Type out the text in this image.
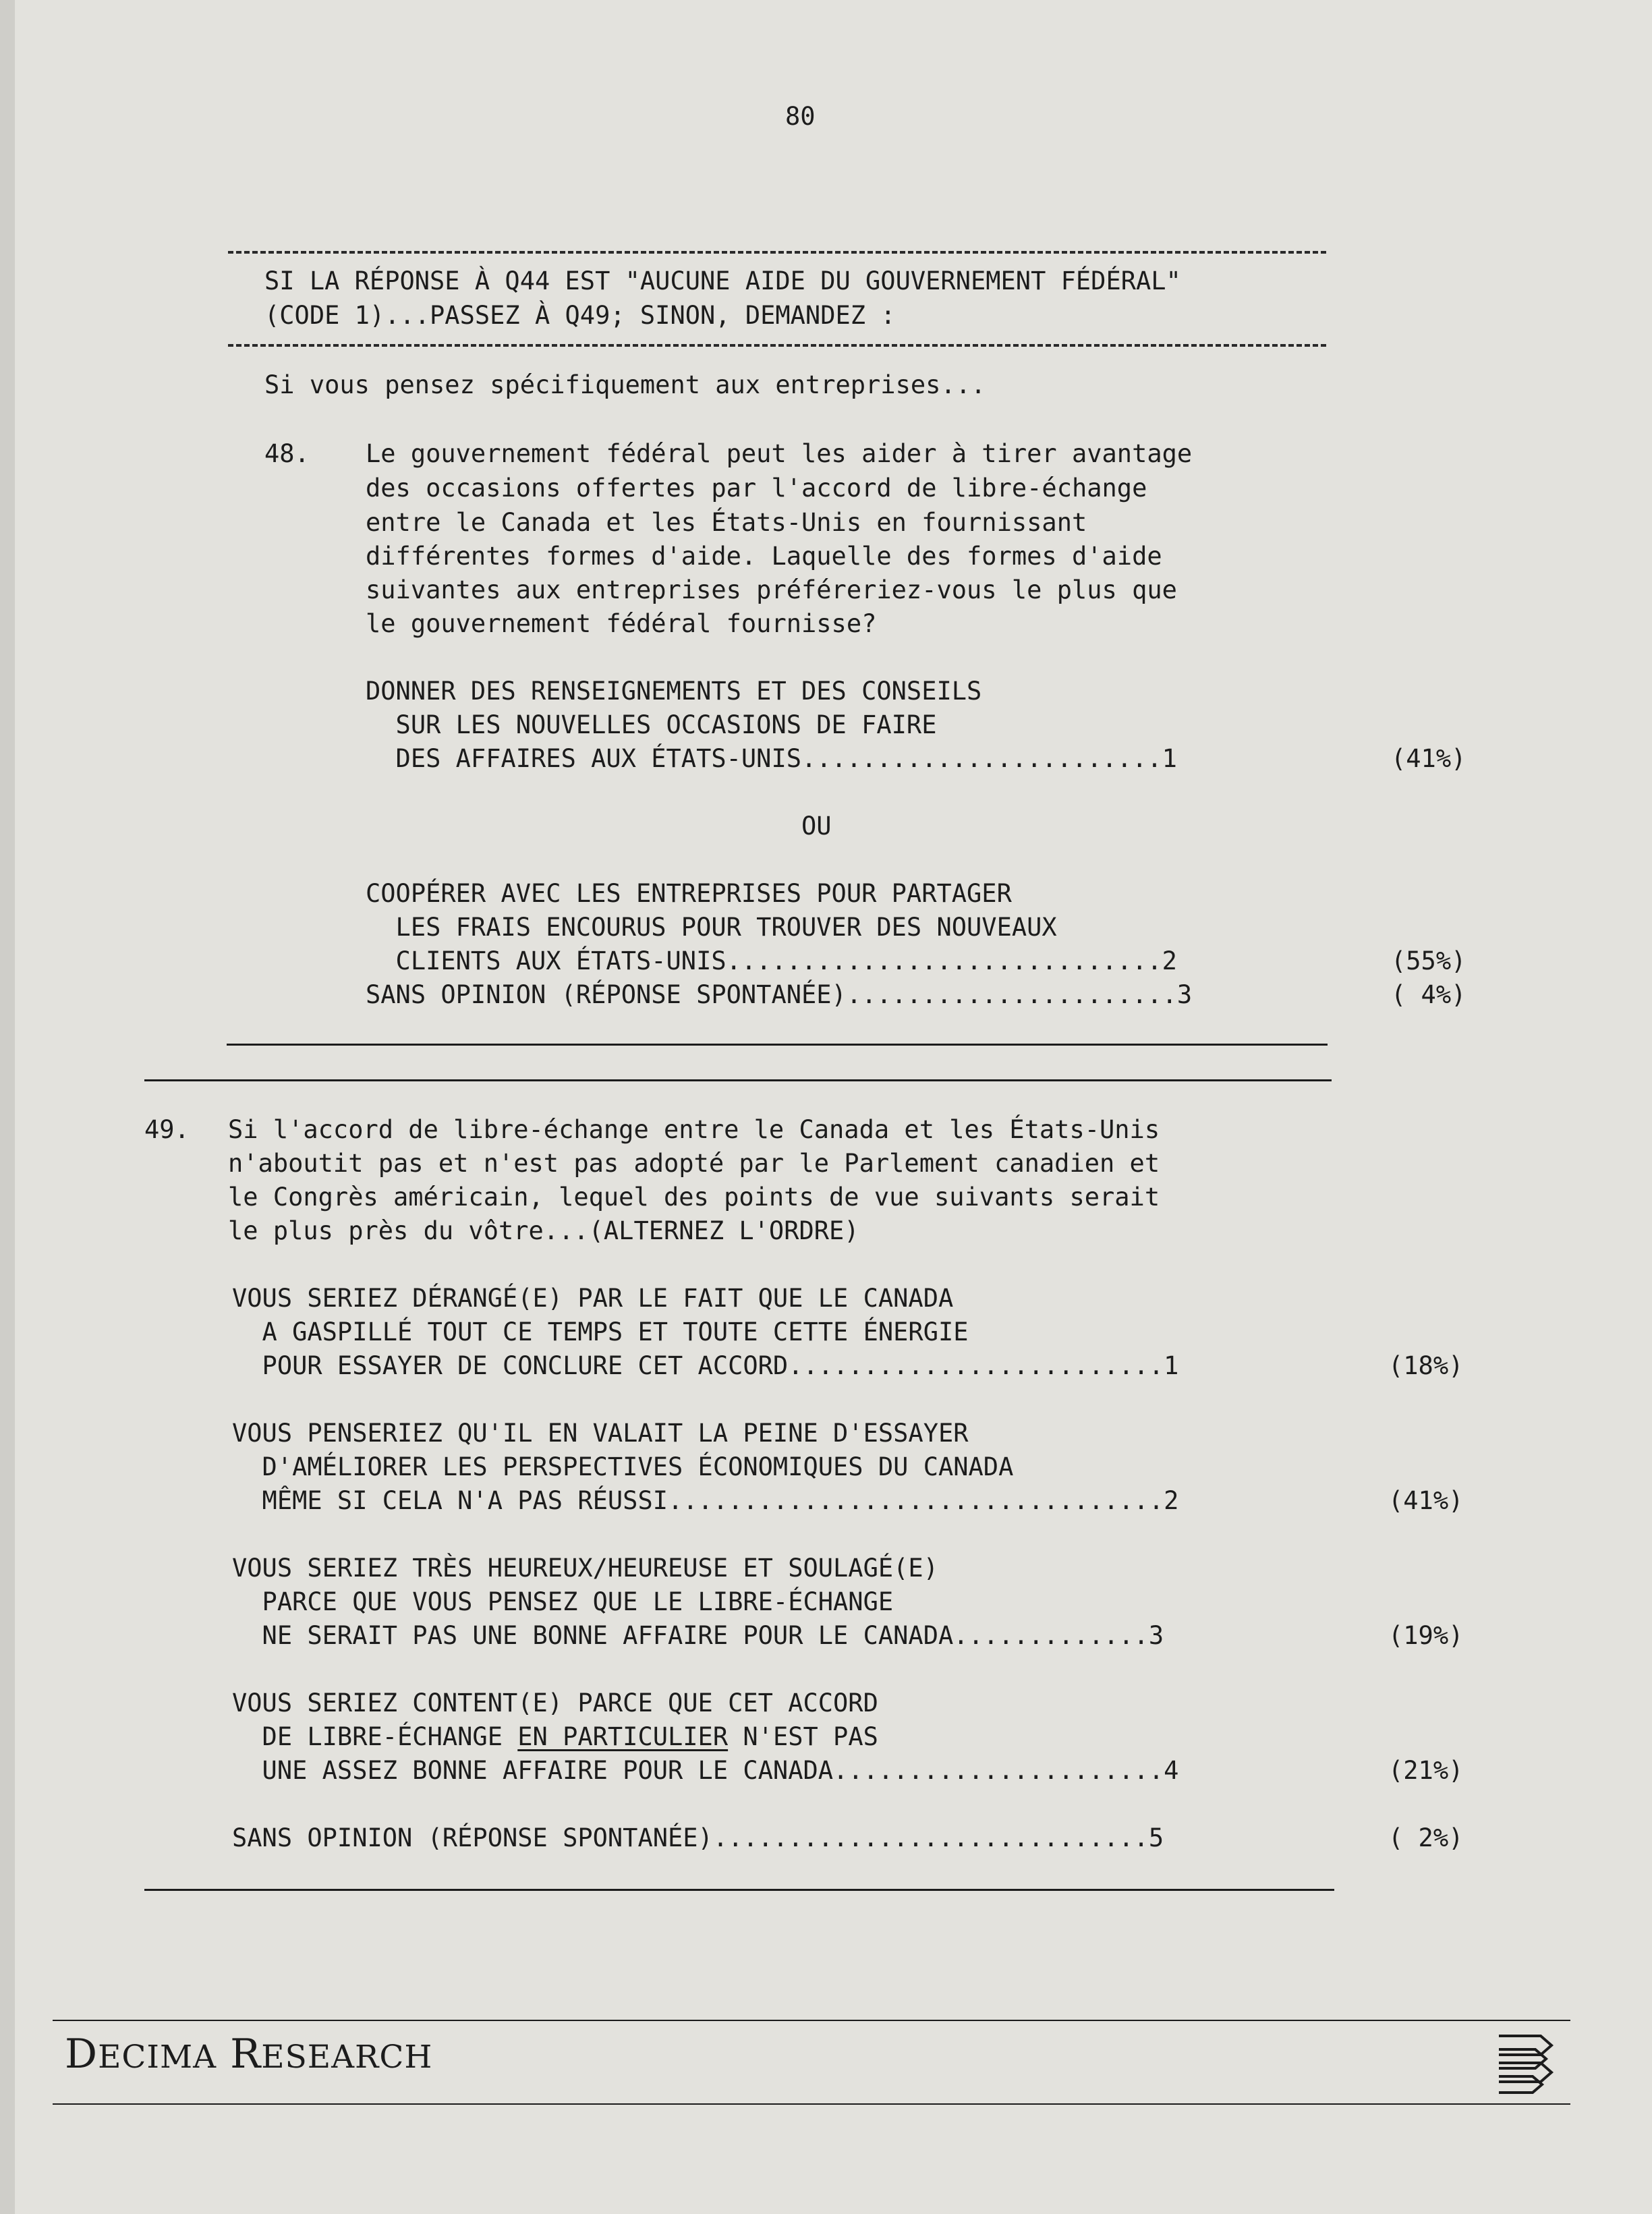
80
SI LA RÉPONSE À Q44 EST "AUCUNE AIDE DU GOUVERNEMENT FÉDÉRAL"
(CODE 1)...PASSEZ À Q49; SINON, DEMANDEZ :
Si vous pensez spécifiquement aux entreprises...
48. Le gouvernement fédéral peut les aider à tirer avantage
des occasions offertes par l'accord de libre-échange
entre le Canada et les États-Unis en fournissant
différentes formes d'aide. Laquelle des formes d'aide
suivantes aux entreprises préféreriez-vous le plus que
le gouvernement fédéral fournisse?
DONNER DES RENSEIGNEMENTS ET DES CONSEILS
SUR LES NOUVELLES OCCASIONS DE FAIRE
DES AFFAIRES AUX ÉTATS-UNIS........................1	(41%)
OU
COOPÉRER AVEC LES ENTREPRISES POUR PARTAGER
LES FRAIS ENCOURUS POUR TROUVER DES NOUVEAUX
CLIENTS AUX ÉTATS-UNIS.............................2	(55%)
SANS OPINION (RÉPONSE SPONTANÉE)......................3	( 4%)
49. Si l'accord de libre-échange entre le Canada et les États-Unis
n'aboutit pas et n'est pas adopté par le Parlement canadien et
le Congrès américain, lequel des points de vue suivants serait
le plus près du vôtre...(ALTERNEZ L'ORDRE)
VOUS SERIEZ DÉRANGÉ(E) PAR LE FAIT QUE LE CANADA
A GASPILLÉ TOUT CE TEMPS ET TOUTE CETTE ÉNERGIE
POUR ESSAYER DE CONCLURE CET ACCORD.........................1	(18%)
VOUS PENSERIEZ QU'IL EN VALAIT LA PEINE D'ESSAYER
D'AMÉLIORER LES PERSPECTIVES ÉCONOMIQUES DU CANADA
MÊME SI CELA N'A PAS RÉUSSI.................................2	(41%)
VOUS SERIEZ TRÈS HEUREUX/HEUREUSE ET SOULAGÉ(E)
PARCE QUE VOUS PENSEZ QUE LE LIBRE-ÉCHANGE
NE SERAIT PAS UNE BONNE AFFAIRE POUR LE CANADA.............3	(19%)
VOUS SERIEZ CONTENT(E) PARCE QUE CET ACCORD
DE LIBRE-ÉCHANGE EN PARTICULIER N'EST PAS
UNE ASSEZ BONNE AFFAIRE POUR LE CANADA......................4	(21%)
SANS OPINION (RÉPONSE SPONTANÉE).............................5	( 2%)
DECIMA RESEARCH
